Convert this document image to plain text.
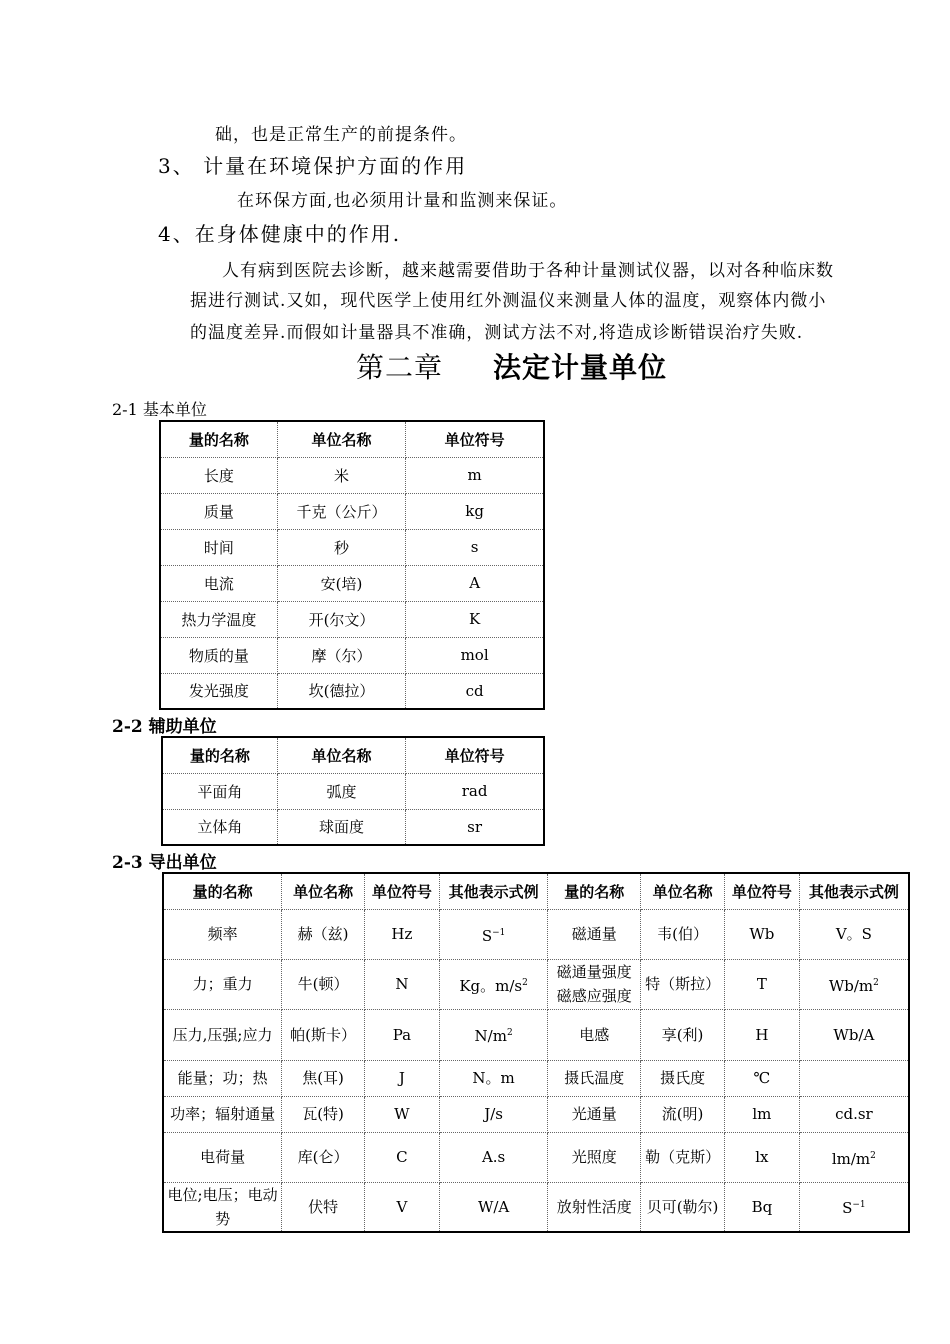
础，也是正常生产的前提条件。
3、 计量在环境保护方面的作用
在环保方面,也必须用计量和监测来保证。
4、在身体健康中的作用.
人有病到医院去诊断，越来越需要借助于各种计量测试仪器，以对各种临床数
据进行测试.又如，现代医学上使用红外测温仪来测量人体的温度，观察体内微小
的温度差异.而假如计量器具不准确，测试方法不对,将造成诊断错误治疗失败.
第二章 法定计量单位
2-1 基本单位
量的名称	单位名称	单位符号
长度	米	m
质量	千克（公斤）	kg
时间	秒	s
电流	安(培)	A
热力学温度	开(尔文）	K
物质的量	摩（尔）	mol
发光强度	坎(德拉）	cd
2-2 辅助单位
量的名称	单位名称	单位符号
平面角	弧度	rad
立体角	球面度	sr
2-3 导出单位
量的名称	单位名称	单位符号	其他表示式例	量的名称	单位名称	单位符号	其他表示式例
频率	赫（兹)	Hz	$S^{-1}$	磁通量	韦(伯）	Wb	V。S
力；重力	牛(顿）	N	Kg。$m/s^2$	磁通量强度磁感应强度	特（斯拉）	T	$Wb/m^2$
压力,压强;应力	帕(斯卡）	Pa	$N/m^2$	电感	享(利)	H	Wb/A
能量；功；热	焦(耳)	J	N。m	摄氏温度	摄氏度	℃	
功率；辐射通量	瓦(特)	W	J/s	光通量	流(明)	lm	cd.sr
电荷量	库(仑）	C	A.s	光照度	勒（克斯）	lx	$lm/m^2$
电位;电压；电动势	伏特	V	W/A	放射性活度	贝可(勒尔)	Bq	$S^{-1}$
